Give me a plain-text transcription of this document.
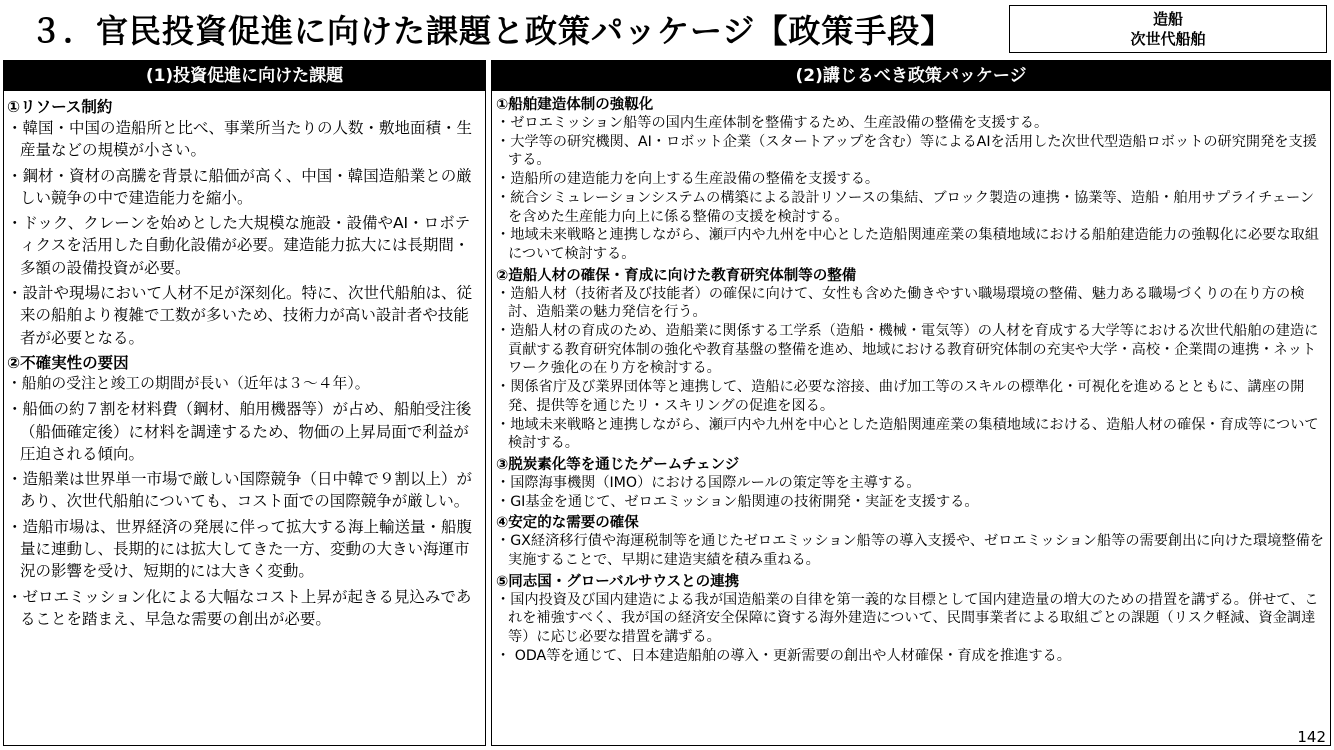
３．官民投資促進に向けた課題と政策パッケージ【政策手段】	造船
次世代船舶
(1)投資促進に向けた課題
①リソース制約
・韓国・中国の造船所と比べ、事業所当たりの人数・敷地面積・生産量などの規模が小さい。
・鋼材・資材の高騰を背景に船価が高く、中国・韓国造船業との厳しい競争の中で建造能力を縮小。
・ドック、クレーンを始めとした大規模な施設・設備やAI・ロボティクスを活用した自動化設備が必要。建造能力拡大には長期間・多額の設備投資が必要。
・設計や現場において人材不足が深刻化。特に、次世代船舶は、従来の船舶より複雑で工数が多いため、技術力が高い設計者や技能者が必要となる。
②不確実性の要因
・船舶の受注と竣工の期間が長い（近年は３～４年）。
・船価の約７割を材料費（鋼材、舶用機器等）が占め、船舶受注後（船価確定後）に材料を調達するため、物価の上昇局面で利益が圧迫される傾向。
・造船業は世界単一市場で厳しい国際競争（日中韓で９割以上）があり、次世代船舶についても、コスト面での国際競争が厳しい。
・造船市場は、世界経済の発展に伴って拡大する海上輸送量・船腹量に連動し、長期的には拡大してきた一方、変動の大きい海運市況の影響を受け、短期的には大きく変動。
・ゼロエミッション化による大幅なコスト上昇が起きる見込みであることを踏まえ、早急な需要の創出が必要。
(2)講じるべき政策パッケージ
①船舶建造体制の強靱化
・ゼロエミッション船等の国内生産体制を整備するため、生産設備の整備を支援する。
・大学等の研究機関、AI・ロボット企業（スタートアップを含む）等によるAIを活用した次世代型造船ロボットの研究開発を支援する。
・造船所の建造能力を向上する生産設備の整備を支援する。
・統合シミュレーションシステムの構築による設計リソースの集結、ブロック製造の連携・協業等、造船・舶用サプライチェーンを含めた生産能力向上に係る整備の支援を検討する。
・地域未来戦略と連携しながら、瀬戸内や九州を中心とした造船関連産業の集積地域における船舶建造能力の強靱化に必要な取組について検討する。
②造船人材の確保・育成に向けた教育研究体制等の整備
・造船人材（技術者及び技能者）の確保に向けて、女性も含めた働きやすい職場環境の整備、魅力ある職場づくりの在り方の検討、造船業の魅力発信を行う。
・造船人材の育成のため、造船業に関係する工学系（造船・機械・電気等）の人材を育成する大学等における次世代船舶の建造に貢献する教育研究体制の強化や教育基盤の整備を進め、地域における教育研究体制の充実や大学・高校・企業間の連携・ネットワーク強化の在り方を検討する。
・関係省庁及び業界団体等と連携して、造船に必要な溶接、曲げ加工等のスキルの標準化・可視化を進めるとともに、講座の開発、提供等を通じたリ・スキリングの促進を図る。
・地域未来戦略と連携しながら、瀬戸内や九州を中心とした造船関連産業の集積地域における、造船人材の確保・育成等について検討する。
③脱炭素化等を通じたゲームチェンジ
・国際海事機関（IMO）における国際ルールの策定等を主導する。
・GI基金を通じて、ゼロエミッション船関連の技術開発・実証を支援する。
④安定的な需要の確保
・GX経済移行債や海運税制等を通じたゼロエミッション船等の導入支援や、ゼロエミッション船等の需要創出に向けた環境整備を実施することで、早期に建造実績を積み重ねる。
⑤同志国・グローバルサウスとの連携
・国内投資及び国内建造による我が国造船業の自律を第一義的な目標として国内建造量の増大のための措置を講ずる。併せて、これを補強すべく、我が国の経済安全保障に資する海外建造について、民間事業者による取組ごとの課題（リスク軽減、資金調達等）に応じ必要な措置を講ずる。
・ ODA等を通じて、日本建造船舶の導入・更新需要の創出や人材確保・育成を推進する。
142
